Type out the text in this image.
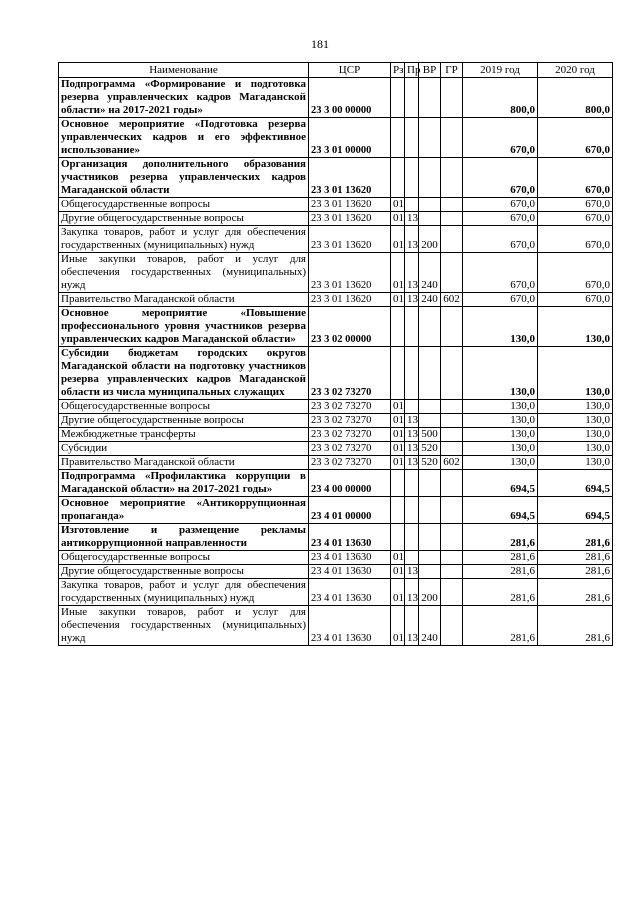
181
Наименование	ЦСР	Рз	Пр	ВР	ГР	2019 год	2020 год
Подпрограмма «Формирование и подготовка резерва управленческих кадров Магаданской области» на 2017-2021 годы»	23 3 00 00000					800,0	800,0
Основное мероприятие «Подготовка резерва управленческих кадров и его эффективное использование»	23 3 01 00000					670,0	670,0
Организация дополнительного образования участников резерва управленческих кадров Магаданской области	23 3 01 13620					670,0	670,0
Общегосударственные вопросы	23 3 01 13620	01				670,0	670,0
Другие общегосударственные вопросы	23 3 01 13620	01	13			670,0	670,0
Закупка товаров, работ и услуг для обеспечения государственных (муниципальных) нужд	23 3 01 13620	01	13	200		670,0	670,0
Иные закупки товаров, работ и услуг для обеспечения государственных (муниципальных) нужд	23 3 01 13620	01	13	240		670,0	670,0
Правительство Магаданской области	23 3 01 13620	01	13	240	602	670,0	670,0
Основное мероприятие «Повышение профессионального уровня участников резерва управленческих кадров Магаданской области»	23 3 02 00000					130,0	130,0
Субсидии бюджетам городских округов Магаданской области на подготовку участников резерва управленческих кадров Магаданской области из числа муниципальных служащих	23 3 02 73270					130,0	130,0
Общегосударственные вопросы	23 3 02 73270	01				130,0	130,0
Другие общегосударственные вопросы	23 3 02 73270	01	13			130,0	130,0
Межбюджетные трансферты	23 3 02 73270	01	13	500		130,0	130,0
Субсидии	23 3 02 73270	01	13	520		130,0	130,0
Правительство Магаданской области	23 3 02 73270	01	13	520	602	130,0	130,0
Подпрограмма «Профилактика коррупции в Магаданской области» на 2017-2021 годы»	23 4 00 00000					694,5	694,5
Основное мероприятие «Антикоррупционная пропаганда»	23 4 01 00000					694,5	694,5
Изготовление и размещение рекламы антикоррупционной направленности	23 4 01 13630					281,6	281,6
Общегосударственные вопросы	23 4 01 13630	01				281,6	281,6
Другие общегосударственные вопросы	23 4 01 13630	01	13			281,6	281,6
Закупка товаров, работ и услуг для обеспечения государственных (муниципальных) нужд	23 4 01 13630	01	13	200		281,6	281,6
Иные закупки товаров, работ и услуг для обеспечения государственных (муниципальных) нужд	23 4 01 13630	01	13	240		281,6	281,6
